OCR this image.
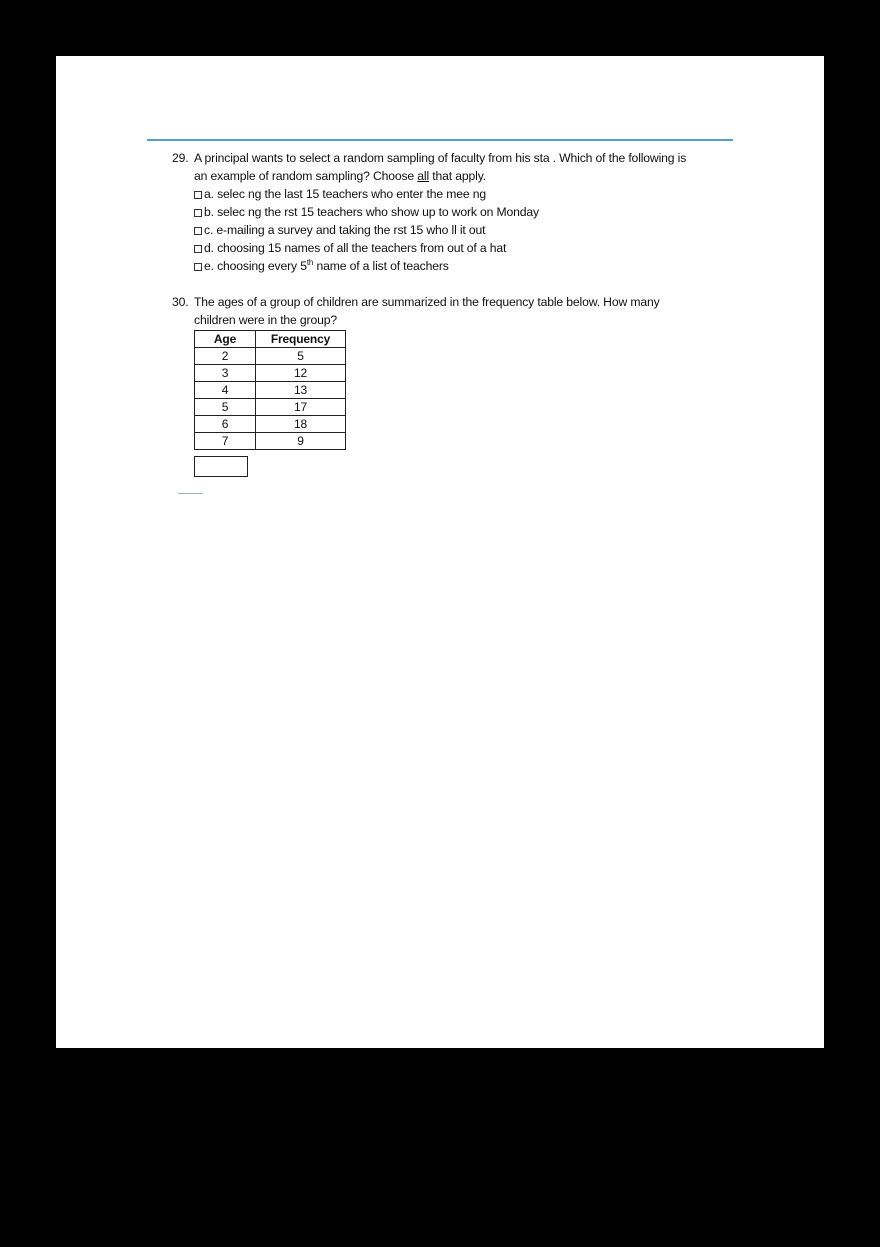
29. A principal wants to select a random sampling of faculty from his sta . Which of the following is
an example of random sampling? Choose all that apply.
a. selec ng the last 15 teachers who enter the mee ng
b. selec ng the rst 15 teachers who show up to work on Monday
c. e-mailing a survey and taking the rst 15 who ll it out
d. choosing 15 names of all the teachers from out of a hat
e. choosing every 5th name of a list of teachers
30. The ages of a group of children are summarized in the frequency table below. How many
children were in the group?
Age	Frequency
2	5
3	12
4	13
5	17
6	18
7	9
